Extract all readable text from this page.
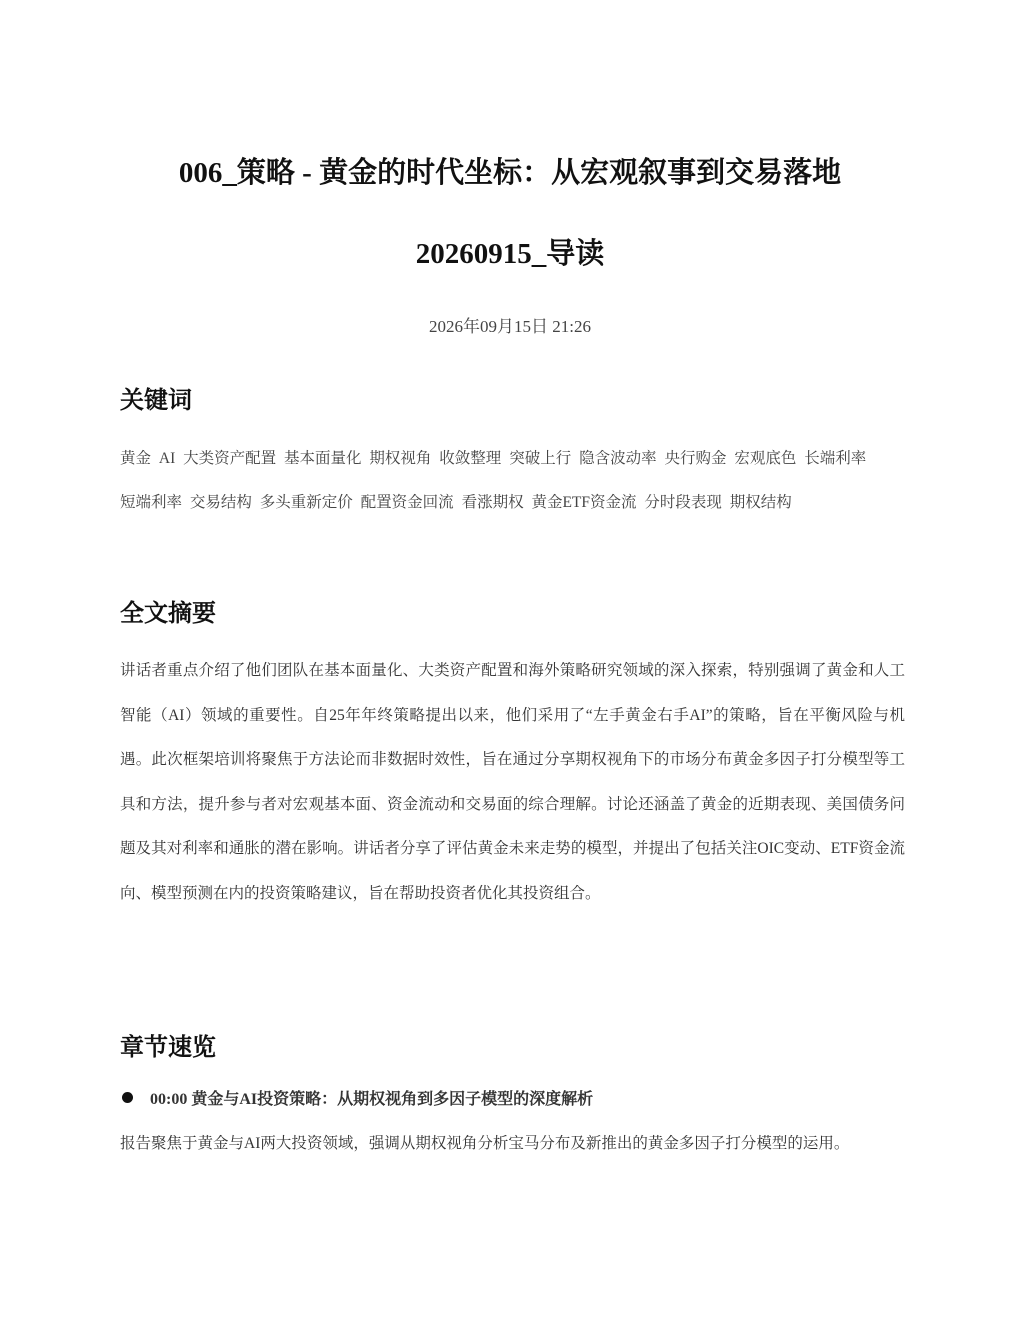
006_策略 - 黄金的时代坐标：从宏观叙事到交易落地
20260915_导读
2026年09月15日 21:26
关键词
黄金 AI 大类资产配置 基本面量化 期权视角 收敛整理 突破上行 隐含波动率 央行购金 宏观底色 长端利率
短端利率 交易结构 多头重新定价 配置资金回流 看涨期权 黄金ETF资金流 分时段表现 期权结构
全文摘要

讲话者重点介绍了他们团队在基本面量化、大类资产配置和海外策略研究领域的深入探索，特别强调了黄金和人工智能（AI）领域的重要性。自25年年终策略提出以来，他们采用了“左手黄金右手AI”的策略，旨在平衡风险与机遇。此次框架培训将聚焦于方法论而非数据时效性，旨在通过分享期权视角下的市场分布黄金多因子打分模型等工具和方法，提升参与者对宏观基本面、资金流动和交易面的综合理解。讨论还涵盖了黄金的近期表现、美国债务问题及其对利率和通胀的潜在影响。讲话者分享了评估黄金未来走势的模型，并提出了包括关注OIC变动、ETF资金流向、模型预测在内的投资策略建议，旨在帮助投资者优化其投资组合。

章节速览
00:00 黄金与AI投资策略：从期权视角到多因子模型的深度解析

报告聚焦于黄金与AI两大投资领域，强调从期权视角分析宝马分布及新推出的黄金多因子打分模型的运用。
